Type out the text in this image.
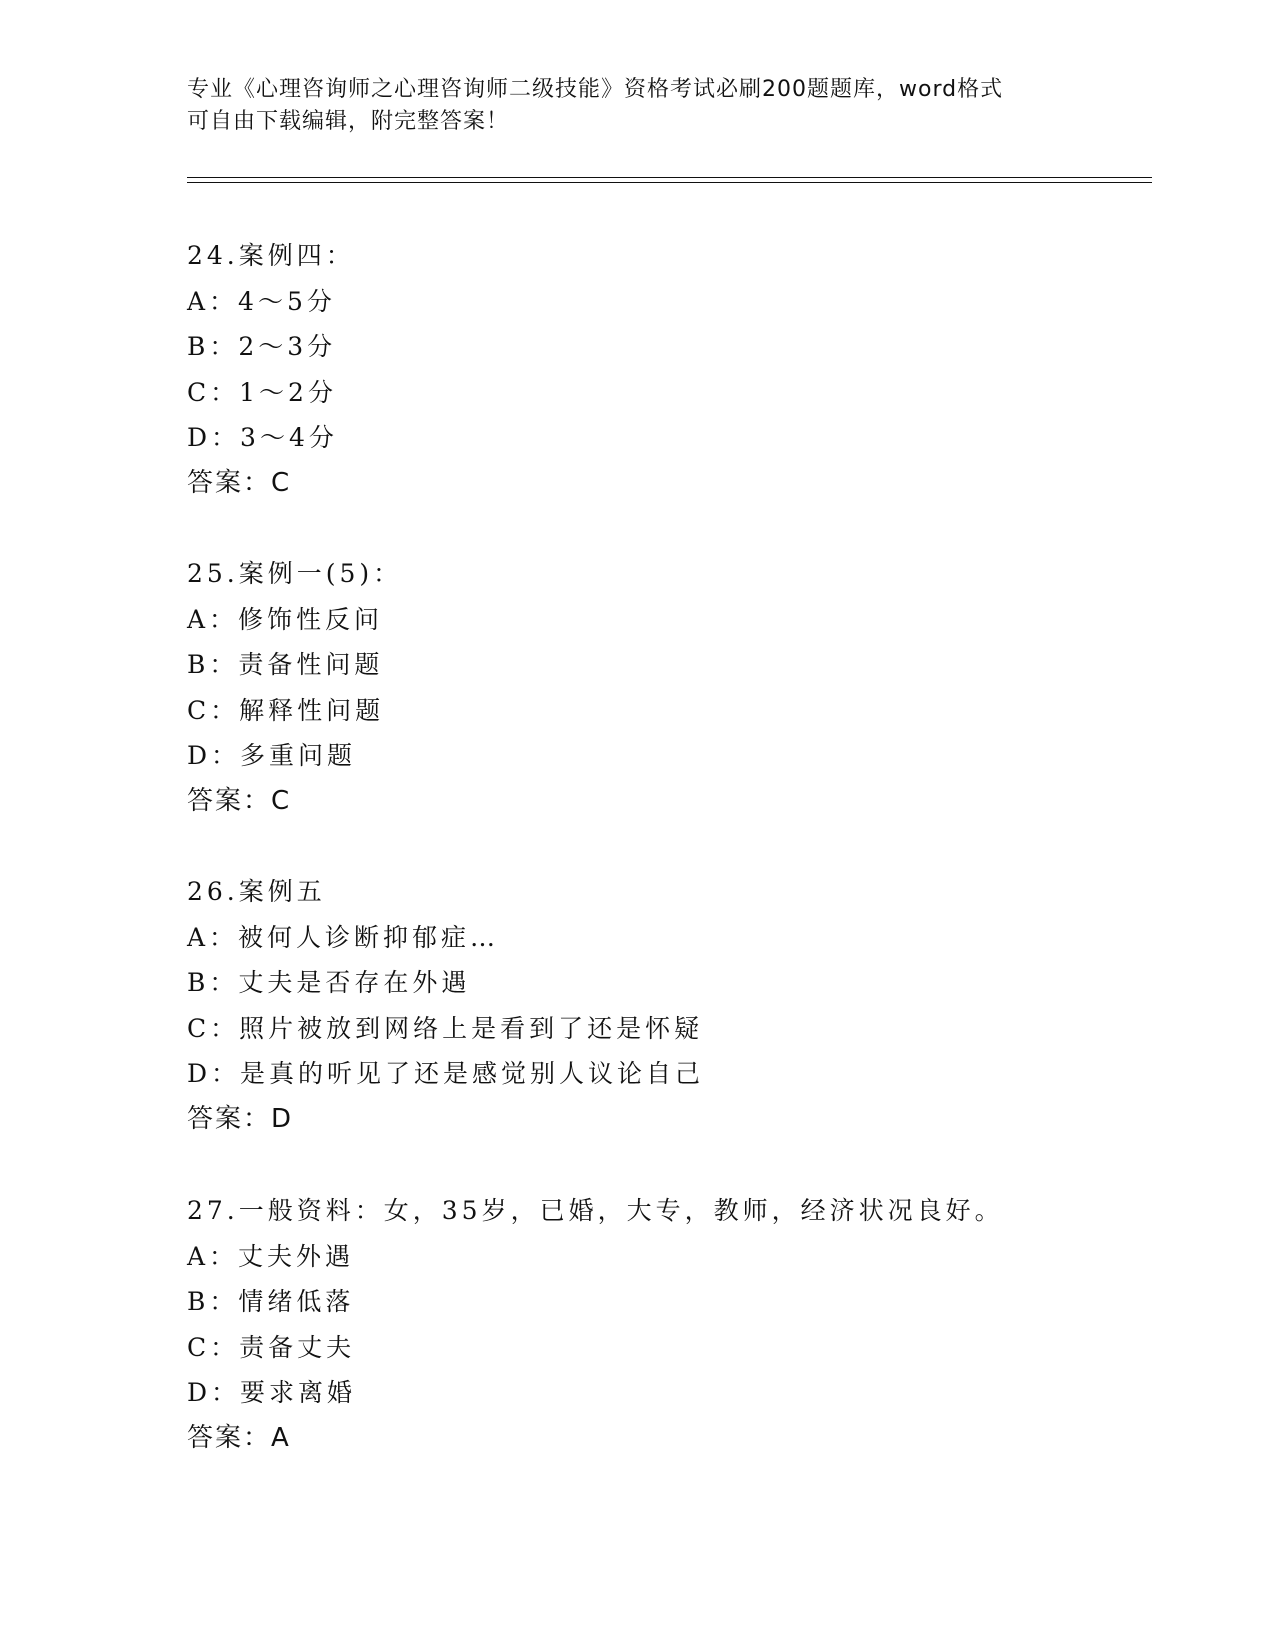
专业《心理咨询师之心理咨询师二级技能》资格考试必刷200题题库，word格式
可自由下载编辑，附完整答案！
24.案例四：
A：4～5分
B：2～3分
C：1～2分
D：3～4分
答案：C
25.案例一(5)：
A：修饰性反问
B：责备性问题
C：解释性问题
D：多重问题
答案：C
26.案例五
A：被何人诊断抑郁症…
B：丈夫是否存在外遇
C：照片被放到网络上是看到了还是怀疑
D：是真的听见了还是感觉别人议论自己
答案：D
27.一般资料：女，35岁，已婚，大专，教师，经济状况良好。
A：丈夫外遇
B：情绪低落
C：责备丈夫
D：要求离婚
答案：A
